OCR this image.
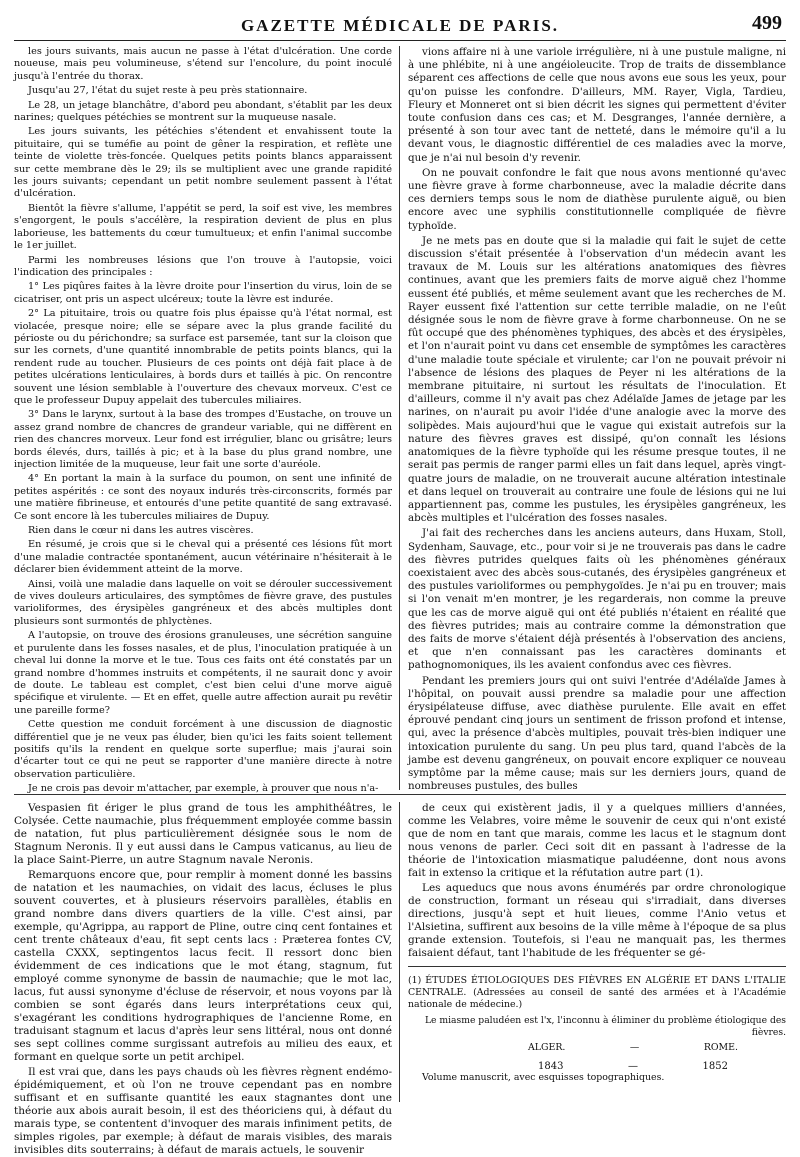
GAZETTE MÉDICALE DE PARIS.	499

les jours suivants, mais aucun ne passe à l'état d'ulcération. Une corde noueuse, mais peu volumineuse, s'étend sur l'encolure, du point inoculé jusqu'à l'entrée du thorax.

Jusqu'au 27, l'état du sujet reste à peu près stationnaire.

Le 28, un jetage blanchâtre, d'abord peu abondant, s'établit par les deux narines; quelques pétéchies se montrent sur la muqueuse nasale.

Les jours suivants, les pétéchies s'étendent et envahissent toute la pituitaire, qui se tuméfie au point de gêner la respiration, et reflète une teinte de violette très-foncée. Quelques petits points blancs apparaissent sur cette membrane dès le 29; ils se multiplient avec une grande rapidité les jours suivants; cependant un petit nombre seulement passent à l'état d'ulcération.

Bientôt la fièvre s'allume, l'appétit se perd, la soif est vive, les membres s'engorgent, le pouls s'accélère, la respiration devient de plus en plus laborieuse, les battements du cœur tumultueux; et enfin l'animal succombe le 1er juillet.

Parmi les nombreuses lésions que l'on trouve à l'autopsie, voici l'indication des principales :

1° Les piqûres faites à la lèvre droite pour l'insertion du virus, loin de se cicatriser, ont pris un aspect ulcéreux; toute la lèvre est indurée.

2° La pituitaire, trois ou quatre fois plus épaisse qu'à l'état normal, est violacée, presque noire; elle se sépare avec la plus grande facilité du périoste ou du périchondre; sa surface est parsemée, tant sur la cloison que sur les cornets, d'une quantité innombrable de petits points blancs, qui la rendent rude au toucher. Plusieurs de ces points ont déjà fait place à de petites ulcérations lenticulaires, à bords durs et taillés à pic. On rencontre souvent une lésion semblable à l'ouverture des chevaux morveux. C'est ce que le professeur Dupuy appelait des tubercules miliaires.

3° Dans le larynx, surtout à la base des trompes d'Eustache, on trouve un assez grand nombre de chancres de grandeur variable, qui ne diffèrent en rien des chancres morveux. Leur fond est irrégulier, blanc ou grisâtre; leurs bords élevés, durs, taillés à pic; et à la base du plus grand nombre, une injection limitée de la muqueuse, leur fait une sorte d'auréole.

4° En portant la main à la surface du poumon, on sent une infinité de petites aspérités : ce sont des noyaux indurés très-circonscrits, formés par une matière fibrineuse, et entourés d'une petite quantité de sang extravasé. Ce sont encore là les tubercules miliaires de Dupuy.

Rien dans le cœur ni dans les autres viscères.

En résumé, je crois que si le cheval qui a présenté ces lésions fût mort d'une maladie contractée spontanément, aucun vétérinaire n'hésiterait à le déclarer bien évidemment atteint de la morve.

Ainsi, voilà une maladie dans laquelle on voit se dérouler successivement de vives douleurs articulaires, des symptômes de fièvre grave, des pustules varioliformes, des érysipèles gangréneux et des abcès multiples dont plusieurs sont surmontés de phlyctènes.

A l'autopsie, on trouve des érosions granuleuses, une sécrétion sanguine et purulente dans les fosses nasales, et de plus, l'inoculation pratiquée à un cheval lui donne la morve et le tue. Tous ces faits ont été constatés par un grand nombre d'hommes instruits et compétents, il ne saurait donc y avoir de doute. Le tableau est complet, c'est bien celui d'une morve aiguë spécifique et virulente. — Et en effet, quelle autre affection aurait pu revêtir une pareille forme?

Cette question me conduit forcément à une discussion de diagnostic différentiel que je ne veux pas éluder, bien qu'ici les faits soient tellement positifs qu'ils la rendent en quelque sorte superflue; mais j'aurai soin d'écarter tout ce qui ne peut se rapporter d'une manière directe à notre observation particulière.

Je ne crois pas devoir m'attacher, par exemple, à prouver que nous n'a-

vions affaire ni à une variole irrégulière, ni à une pustule maligne, ni à une phlébite, ni à une angéioleucite. Trop de traits de dissemblance séparent ces affections de celle que nous avons eue sous les yeux, pour qu'on puisse les confondre. D'ailleurs, MM. Rayer, Vigla, Tardieu, Fleury et Monneret ont si bien décrit les signes qui permettent d'éviter toute confusion dans ces cas; et M. Desgranges, l'année dernière, a présenté à son tour avec tant de netteté, dans le mémoire qu'il a lu devant vous, le diagnostic différentiel de ces maladies avec la morve, que je n'ai nul besoin d'y revenir.

On ne pouvait confondre le fait que nous avons mentionné qu'avec une fièvre grave à forme charbonneuse, avec la maladie décrite dans ces derniers temps sous le nom de diathèse purulente aiguë, ou bien encore avec une syphilis constitutionnelle compliquée de fièvre typhoïde.

Je ne mets pas en doute que si la maladie qui fait le sujet de cette discussion s'était présentée à l'observation d'un médecin avant les travaux de M. Louis sur les altérations anatomiques des fièvres continues, avant que les premiers faits de morve aiguë chez l'homme eussent été publiés, et même seulement avant que les recherches de M. Rayer eussent fixé l'attention sur cette terrible maladie, on ne l'eût désignée sous le nom de fièvre grave à forme charbonneuse. On ne se fût occupé que des phénomènes typhiques, des abcès et des érysipèles, et l'on n'aurait point vu dans cet ensemble de symptômes les caractères d'une maladie toute spéciale et virulente; car l'on ne pouvait prévoir ni l'absence de lésions des plaques de Peyer ni les altérations de la membrane pituitaire, ni surtout les résultats de l'inoculation. Et d'ailleurs, comme il n'y avait pas chez Adélaïde James de jetage par les narines, on n'aurait pu avoir l'idée d'une analogie avec la morve des solipèdes. Mais aujourd'hui que le vague qui existait autrefois sur la nature des fièvres graves est dissipé, qu'on connaît les lésions anatomiques de la fièvre typhoïde qui les résume presque toutes, il ne serait pas permis de ranger parmi elles un fait dans lequel, après vingt-quatre jours de maladie, on ne trouverait aucune altération intestinale et dans lequel on trouverait au contraire une foule de lésions qui ne lui appartiennent pas, comme les pustules, les érysipèles gangréneux, les abcès multiples et l'ulcération des fosses nasales.

J'ai fait des recherches dans les anciens auteurs, dans Huxam, Stoll, Sydenham, Sauvage, etc., pour voir si je ne trouverais pas dans le cadre des fièvres putrides quelques faits où les phénomènes généraux coexistaient avec des abcès sous-cutanés, des érysipèles gangréneux et des pustules varioliformes ou pemphygoïdes. Je n'ai pu en trouver; mais si l'on venait m'en montrer, je les regarderais, non comme la preuve que les cas de morve aiguë qui ont été publiés n'étaient en réalité que des fièvres putrides; mais au contraire comme la démonstration que des faits de morve s'étaient déjà présentés à l'observation des anciens, et que n'en connaissant pas les caractères dominants et pathognomoniques, ils les avaient confondus avec ces fièvres.

Pendant les premiers jours qui ont suivi l'entrée d'Adélaïde James à l'hôpital, on pouvait aussi prendre sa maladie pour une affection érysipélateuse diffuse, avec diathèse purulente. Elle avait en effet éprouvé pendant cinq jours un sentiment de frisson profond et intense, qui, avec la présence d'abcès multiples, pouvait très-bien indiquer une intoxication purulente du sang. Un peu plus tard, quand l'abcès de la jambe est devenu gangréneux, on pouvait encore expliquer ce nouveau symptôme par la même cause; mais sur les derniers jours, quand de nombreuses pustules, des bulles

Vespasien fit ériger le plus grand de tous les amphithéâtres, le Colysée. Cette naumachie, plus fréquemment employée comme bassin de natation, fut plus particulièrement désignée sous le nom de Stagnum Neronis. Il y eut aussi dans le Campus vaticanus, au lieu de la place Saint-Pierre, un autre Stagnum navale Neronis.

Remarquons encore que, pour remplir à moment donné les bassins de natation et les naumachies, on vidait des lacus, écluses le plus souvent couvertes, et à plusieurs réservoirs parallèles, établis en grand nombre dans divers quartiers de la ville. C'est ainsi, par exemple, qu'Agrippa, au rapport de Pline, outre cinq cent fontaines et cent trente châteaux d'eau, fit sept cents lacs : Præterea fontes CV, castella CXXX, septingentos lacus fecit. Il ressort donc bien évidemment de ces indications que le mot étang, stagnum, fut employé comme synonyme de bassin de naumachie; que le mot lac, lacus, fut aussi synonyme d'écluse de réservoir, et nous voyons par là combien se sont égarés dans leurs interprétations ceux qui, s'exagérant les conditions hydrographiques de l'ancienne Rome, en traduisant stagnum et lacus d'après leur sens littéral, nous ont donné ses sept collines comme surgissant autrefois au milieu des eaux, et formant en quelque sorte un petit archipel.

Il est vrai que, dans les pays chauds où les fièvres règnent endémo-épidémiquement, et où l'on ne trouve cependant pas en nombre suffisant et en suffisante quantité les eaux stagnantes dont une théorie aux abois aurait besoin, il est des théoriciens qui, à défaut du marais type, se contentent d'invoquer des marais infiniment petits, de simples rigoles, par exemple; à défaut de marais visibles, des marais invisibles dits souterrains; à défaut de marais actuels, le souvenir

de ceux qui existèrent jadis, il y a quelques milliers d'années, comme les Velabres, voire même le souvenir de ceux qui n'ont existé que de nom en tant que marais, comme les lacus et le stagnum dont nous venons de parler. Ceci soit dit en passant à l'adresse de la théorie de l'intoxication miasmatique paludéenne, dont nous avons fait in extenso la critique et la réfutation autre part (1).

Les aqueducs que nous avons énumérés par ordre chronologique de construction, formant un réseau qui s'irradiait, dans diverses directions, jusqu'à sept et huit lieues, comme l'Anio vetus et l'Alsietina, suffirent aux besoins de la ville même à l'époque de sa plus grande extension. Toutefois, si l'eau ne manquait pas, les thermes faisaient défaut, tant l'habitude de les fréquenter se gé-

(1) ÉTUDES ÉTIOLOGIQUES DES FIÈVRES EN ALGÉRIE ET DANS L'ITALIE CENTRALE. (Adressées au conseil de santé des armées et à l'Académie nationale de médecine.)

Le miasme paludéen est l'x, l'inconnu à éliminer du problème étiologique des fièvres.
ALGER.	—	ROME.
1843	—	1852

Volume manuscrit, avec esquisses topographiques.
